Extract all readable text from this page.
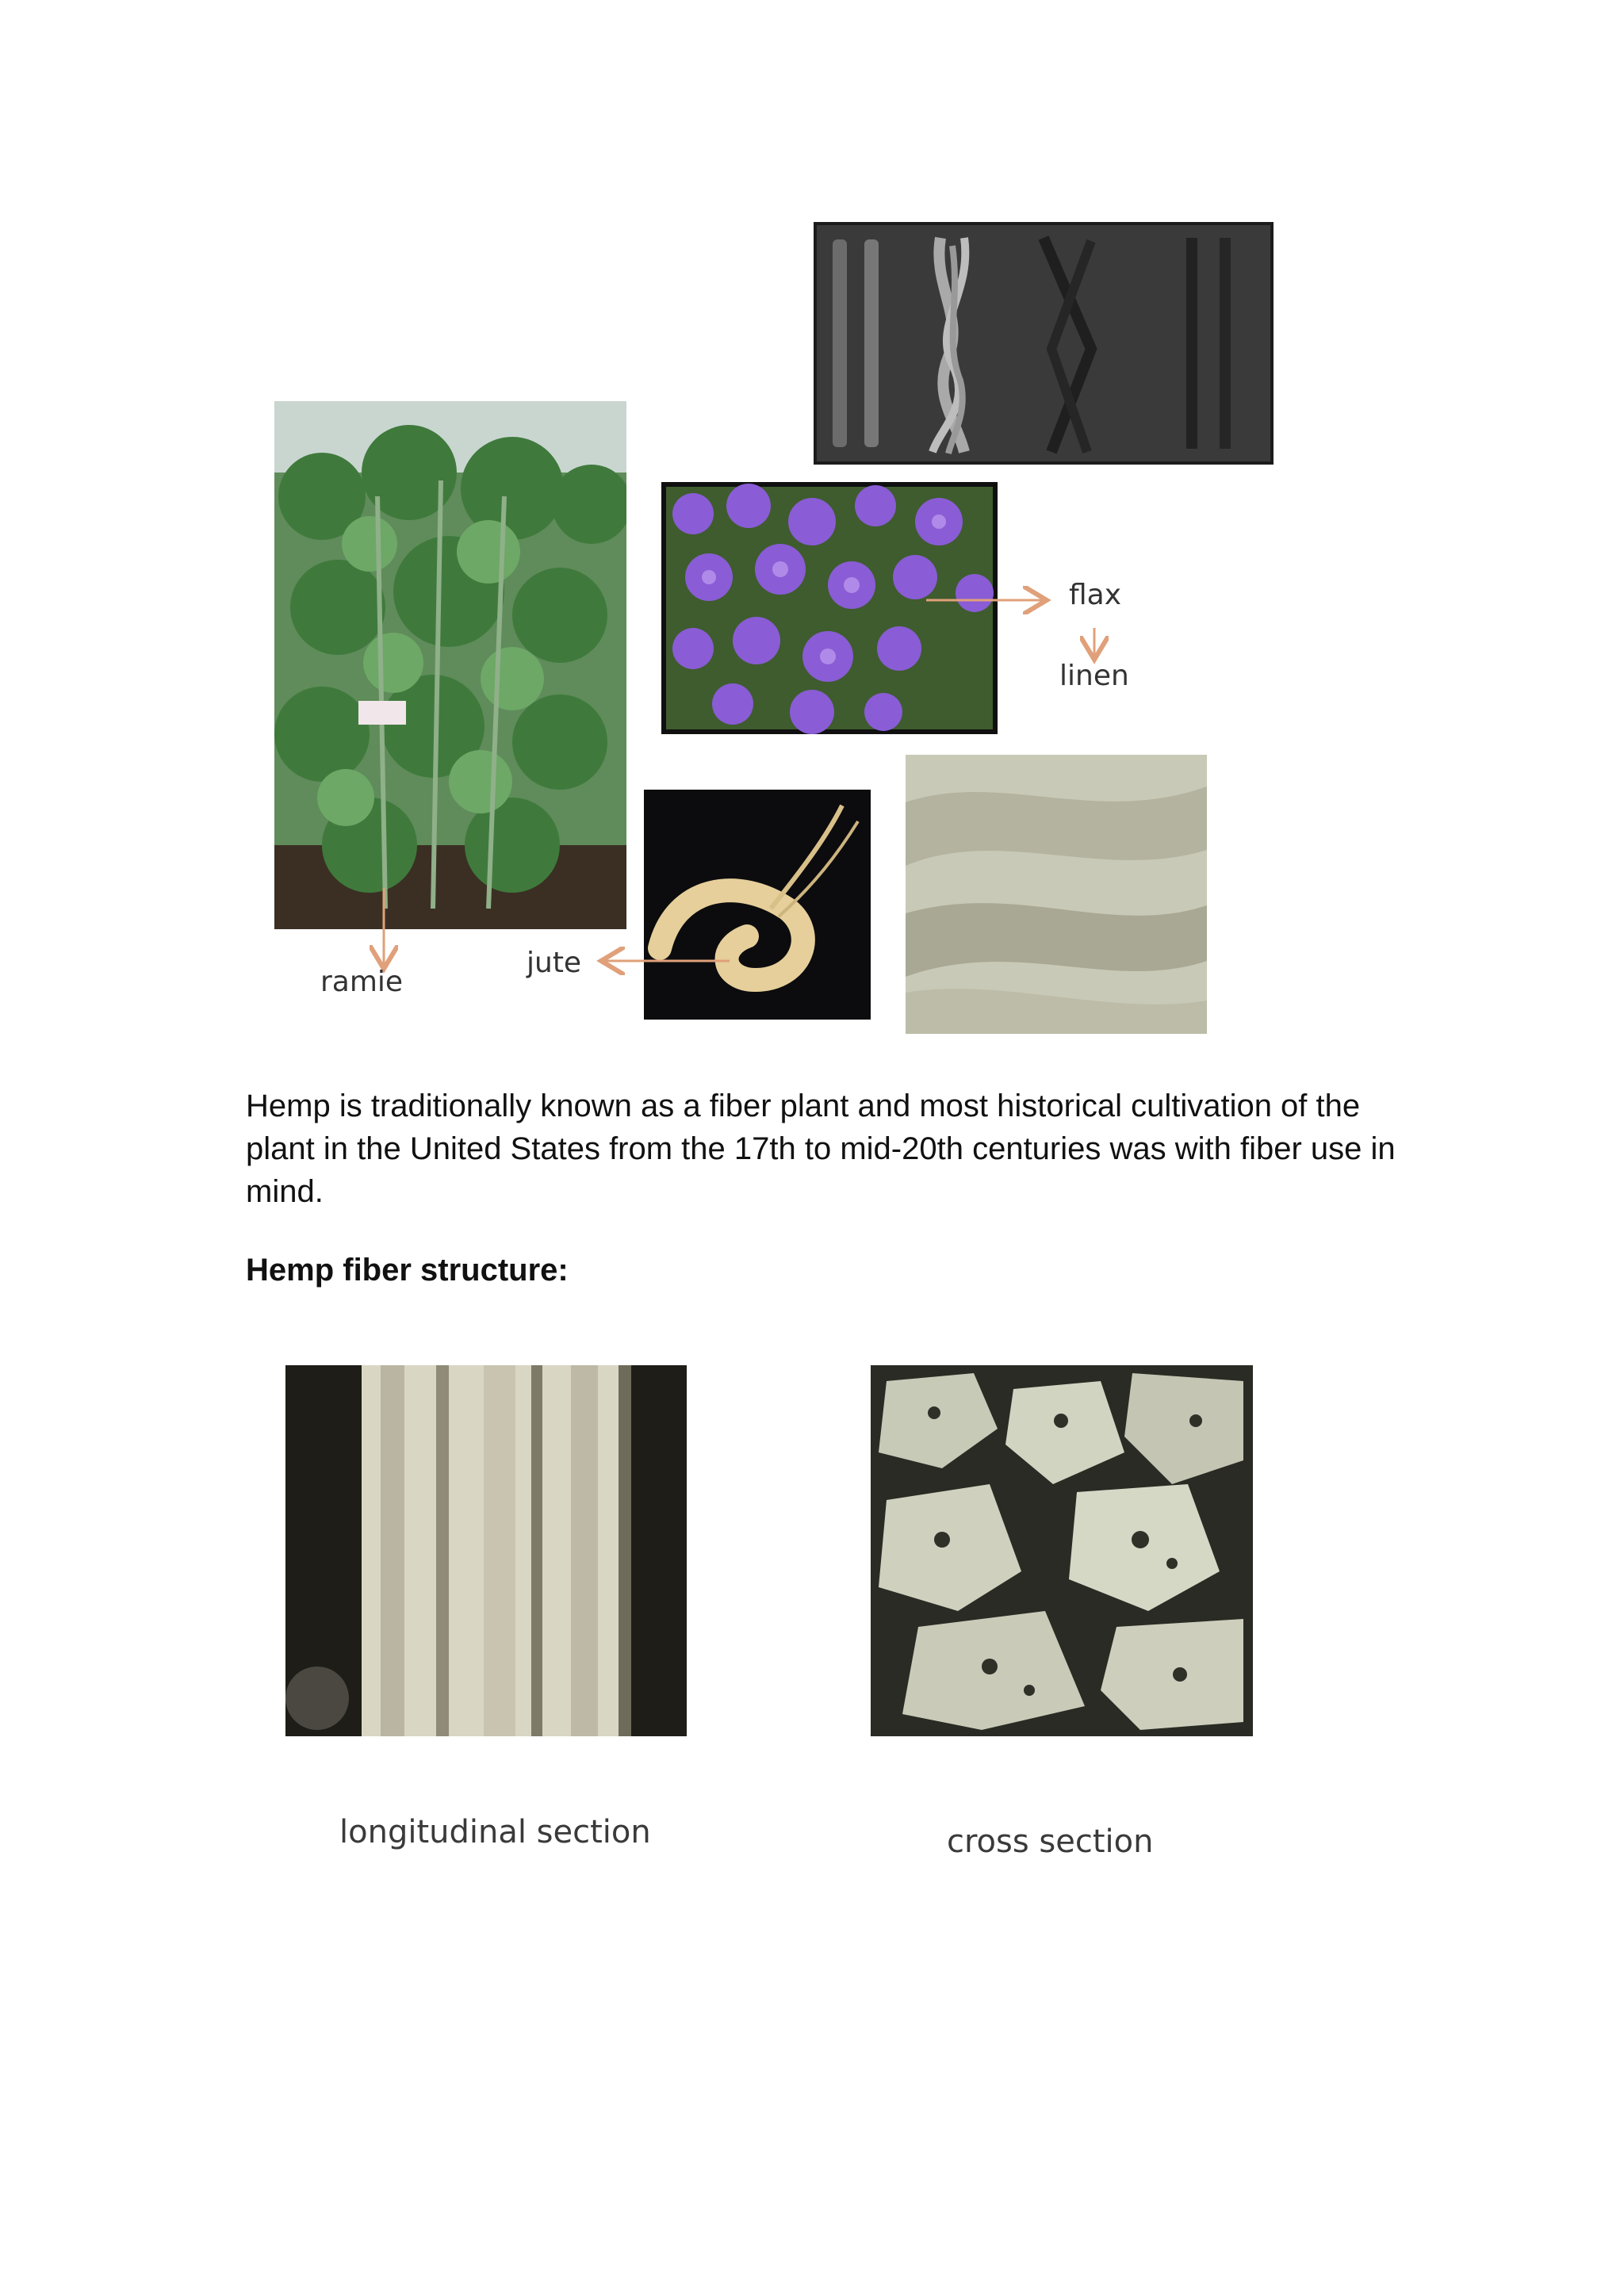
flax
linen
ramie
jute

Hemp is traditionally known as a fiber plant and most historical cultivation of the plant in the United States from the 17th to mid-20th centuries was with fiber use in mind.

Hemp fiber structure:
longitudinal section	cross section
